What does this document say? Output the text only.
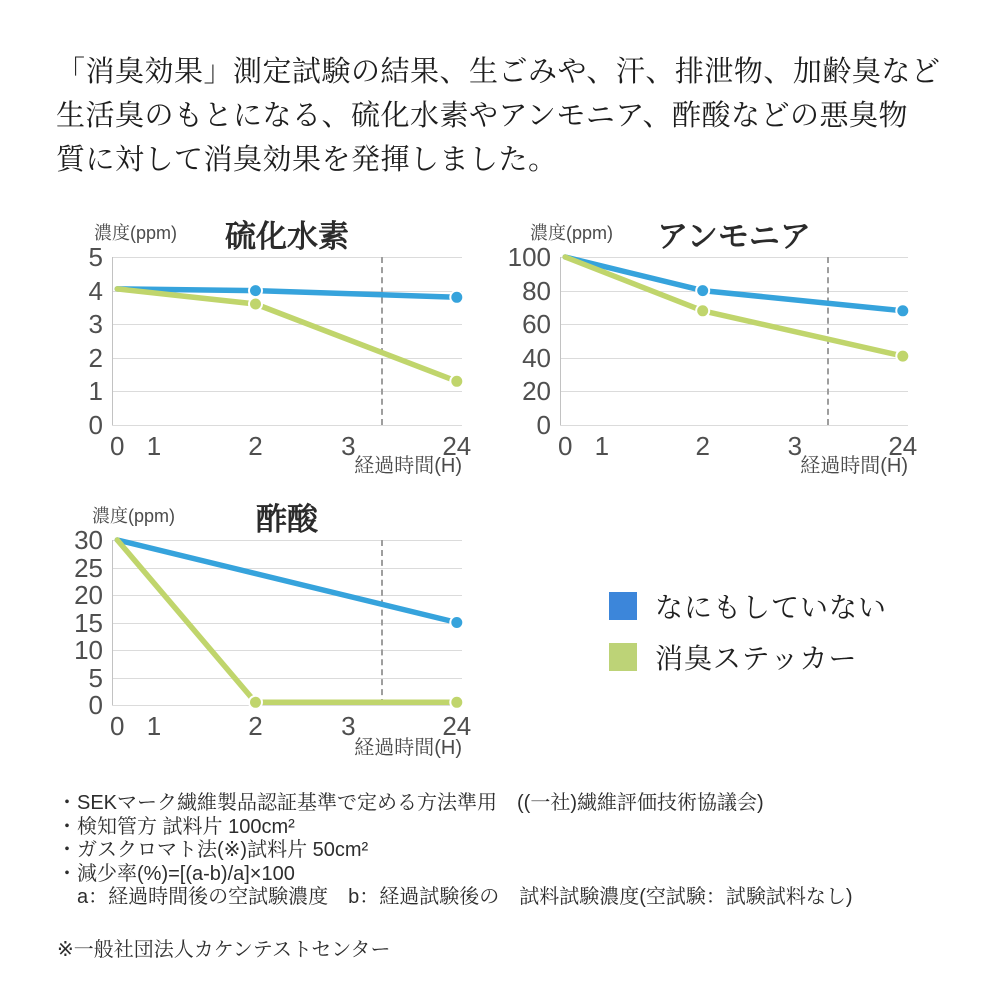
「消臭効果」測定試験の結果、生ごみや、汗、排泄物、加齢臭など
生活臭のもとになる、硫化水素やアンモニア、酢酸などの悪臭物
質に対して消臭効果を発揮しました。
濃度(ppm)	硫化水素
5
4
3
2
1
0
0 1	2	3	24
経過時間(H)
濃度(ppm)	アンモニア
100
80
60
40
20
0
0 1	2	3	24
経過時間(H)
濃度(ppm)	酢酸
30
25
20
15
10
5
0
0 1	2	3	24
経過時間(H)
なにもしていない
消臭ステッカー
・SEKマーク繊維製品認証基準で定める方法準用　((一社)繊維評価技術協議会)
・検知管方 試料片 100cm²
・ガスクロマト法(※)試料片 50cm²
・減少率(%)=[(a-b)/a]×100
　a：経過時間後の空試験濃度　b：経過試験後の　試料試験濃度(空試験：試験試料なし)
※一般社団法人カケンテストセンター
